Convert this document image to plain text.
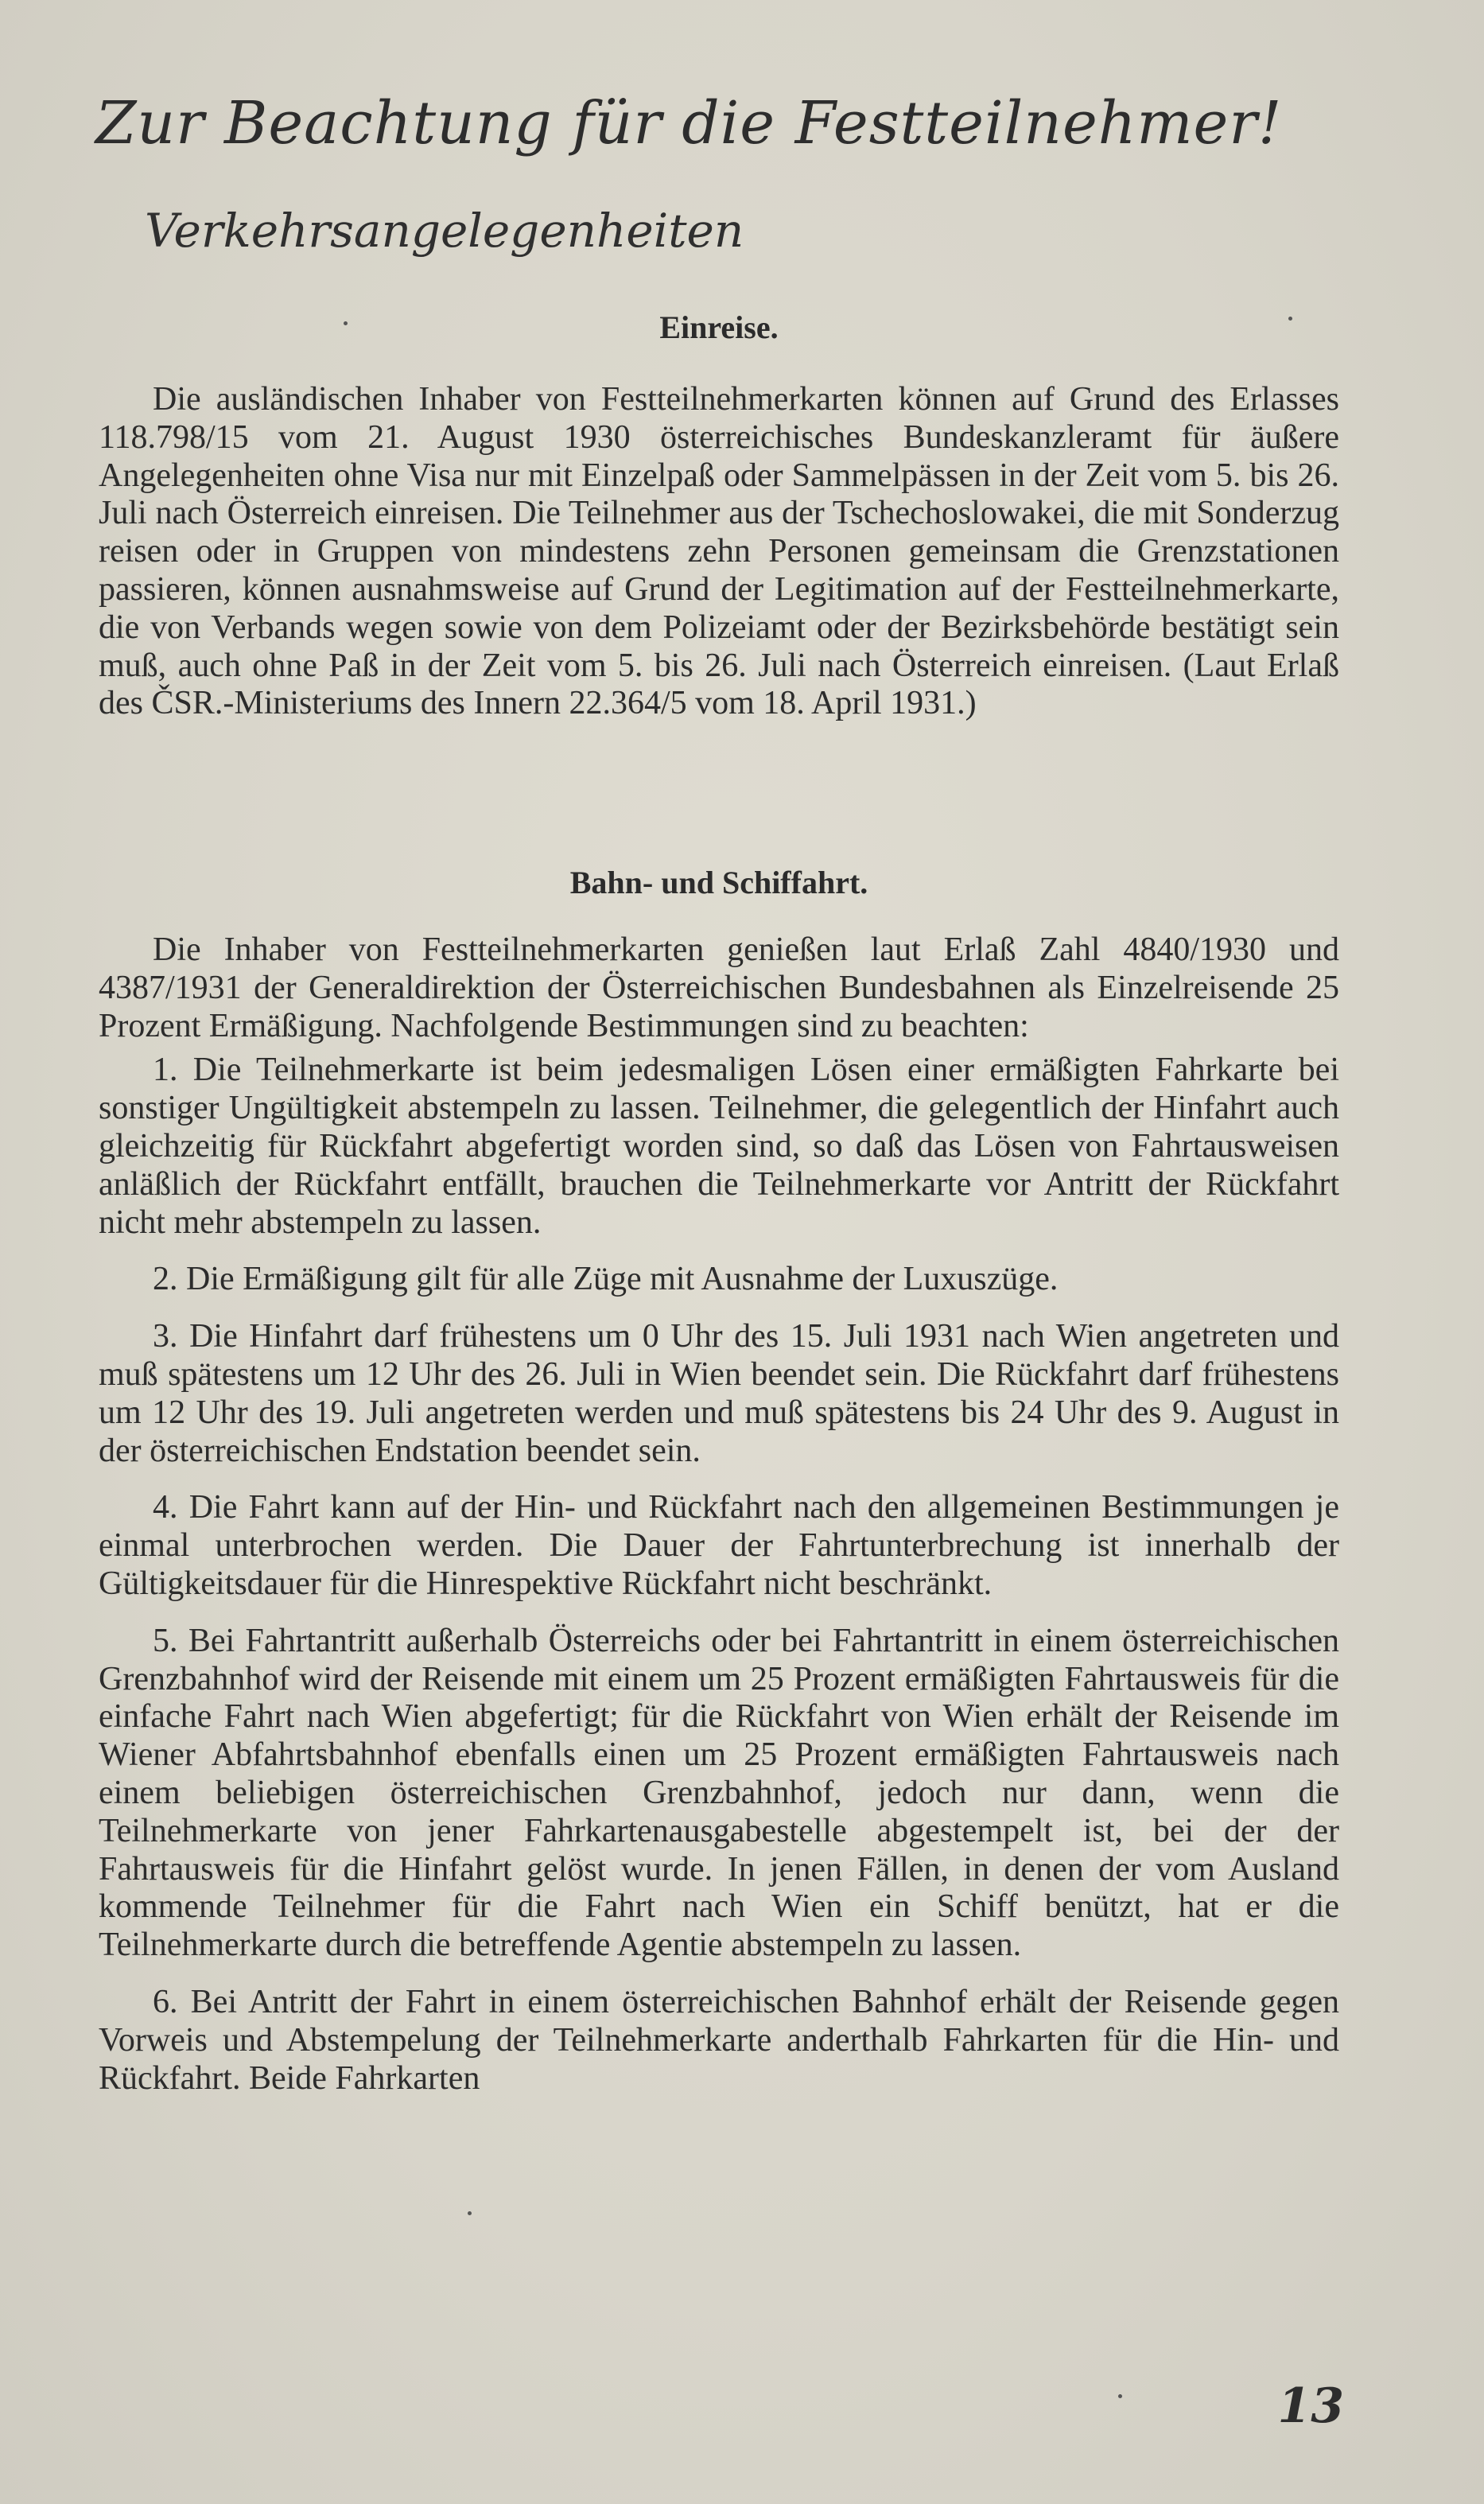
Zur Beachtung für die Festteilnehmer!
Verkehrsangelegenheiten

Einreise.

Die ausländischen Inhaber von Festteilnehmerkarten können auf Grund des Erlasses 118.798/15 vom 21. August 1930 österreichisches Bundeskanzleramt für äußere Angelegenheiten ohne Visa nur mit Einzelpaß oder Sammelpässen in der Zeit vom 5. bis 26. Juli nach Österreich einreisen. Die Teilnehmer aus der Tschechoslowakei, die mit Sonderzug reisen oder in Gruppen von mindestens zehn Personen gemeinsam die Grenzstationen passieren, können ausnahmsweise auf Grund der Legitimation auf der Festteilnehmerkarte, die von Verbands wegen sowie von dem Polizeiamt oder der Bezirksbehörde bestätigt sein muß, auch ohne Paß in der Zeit vom 5. bis 26. Juli nach Österreich einreisen. (Laut Erlaß des ČSR.-Ministeriums des Innern 22.364/5 vom 18. April 1931.)

Bahn- und Schiffahrt.

Die Inhaber von Festteilnehmerkarten genießen laut Erlaß Zahl 4840/1930 und 4387/1931 der Generaldirektion der Österreichischen Bundesbahnen als Einzelreisende 25 Prozent Ermäßigung. Nachfolgende Bestimmungen sind zu beachten:

1. Die Teilnehmerkarte ist beim jedesmaligen Lösen einer ermäßigten Fahrkarte bei sonstiger Ungültigkeit abstempeln zu lassen. Teilnehmer, die gelegentlich der Hinfahrt auch gleichzeitig für Rückfahrt abgefertigt worden sind, so daß das Lösen von Fahrtausweisen anläßlich der Rückfahrt entfällt, brauchen die Teilnehmerkarte vor Antritt der Rückfahrt nicht mehr abstempeln zu lassen.

2. Die Ermäßigung gilt für alle Züge mit Ausnahme der Luxuszüge.

3. Die Hinfahrt darf frühestens um 0 Uhr des 15. Juli 1931 nach Wien angetreten und muß spätestens um 12 Uhr des 26. Juli in Wien beendet sein. Die Rückfahrt darf frühestens um 12 Uhr des 19. Juli angetreten werden und muß spätestens bis 24 Uhr des 9. August in der österreichischen Endstation beendet sein.

4. Die Fahrt kann auf der Hin- und Rückfahrt nach den allgemeinen Bestimmungen je einmal unterbrochen werden. Die Dauer der Fahrtunterbrechung ist innerhalb der Gültigkeitsdauer für die Hinrespektive Rückfahrt nicht beschränkt.

5. Bei Fahrtantritt außerhalb Österreichs oder bei Fahrtantritt in einem österreichischen Grenzbahnhof wird der Reisende mit einem um 25 Prozent ermäßigten Fahrtausweis für die einfache Fahrt nach Wien abgefertigt; für die Rückfahrt von Wien erhält der Reisende im Wiener Abfahrtsbahnhof ebenfalls einen um 25 Prozent ermäßigten Fahrtausweis nach einem beliebigen österreichischen Grenzbahnhof, jedoch nur dann, wenn die Teilnehmerkarte von jener Fahrkartenausgabestelle abgestempelt ist, bei der der Fahrtausweis für die Hinfahrt gelöst wurde. In jenen Fällen, in denen der vom Ausland kommende Teilnehmer für die Fahrt nach Wien ein Schiff benützt, hat er die Teilnehmerkarte durch die betreffende Agentie abstempeln zu lassen.

6. Bei Antritt der Fahrt in einem österreichischen Bahnhof erhält der Reisende gegen Vorweis und Abstempelung der Teilnehmerkarte anderthalb Fahrkarten für die Hin- und Rückfahrt. Beide Fahrkarten

13
